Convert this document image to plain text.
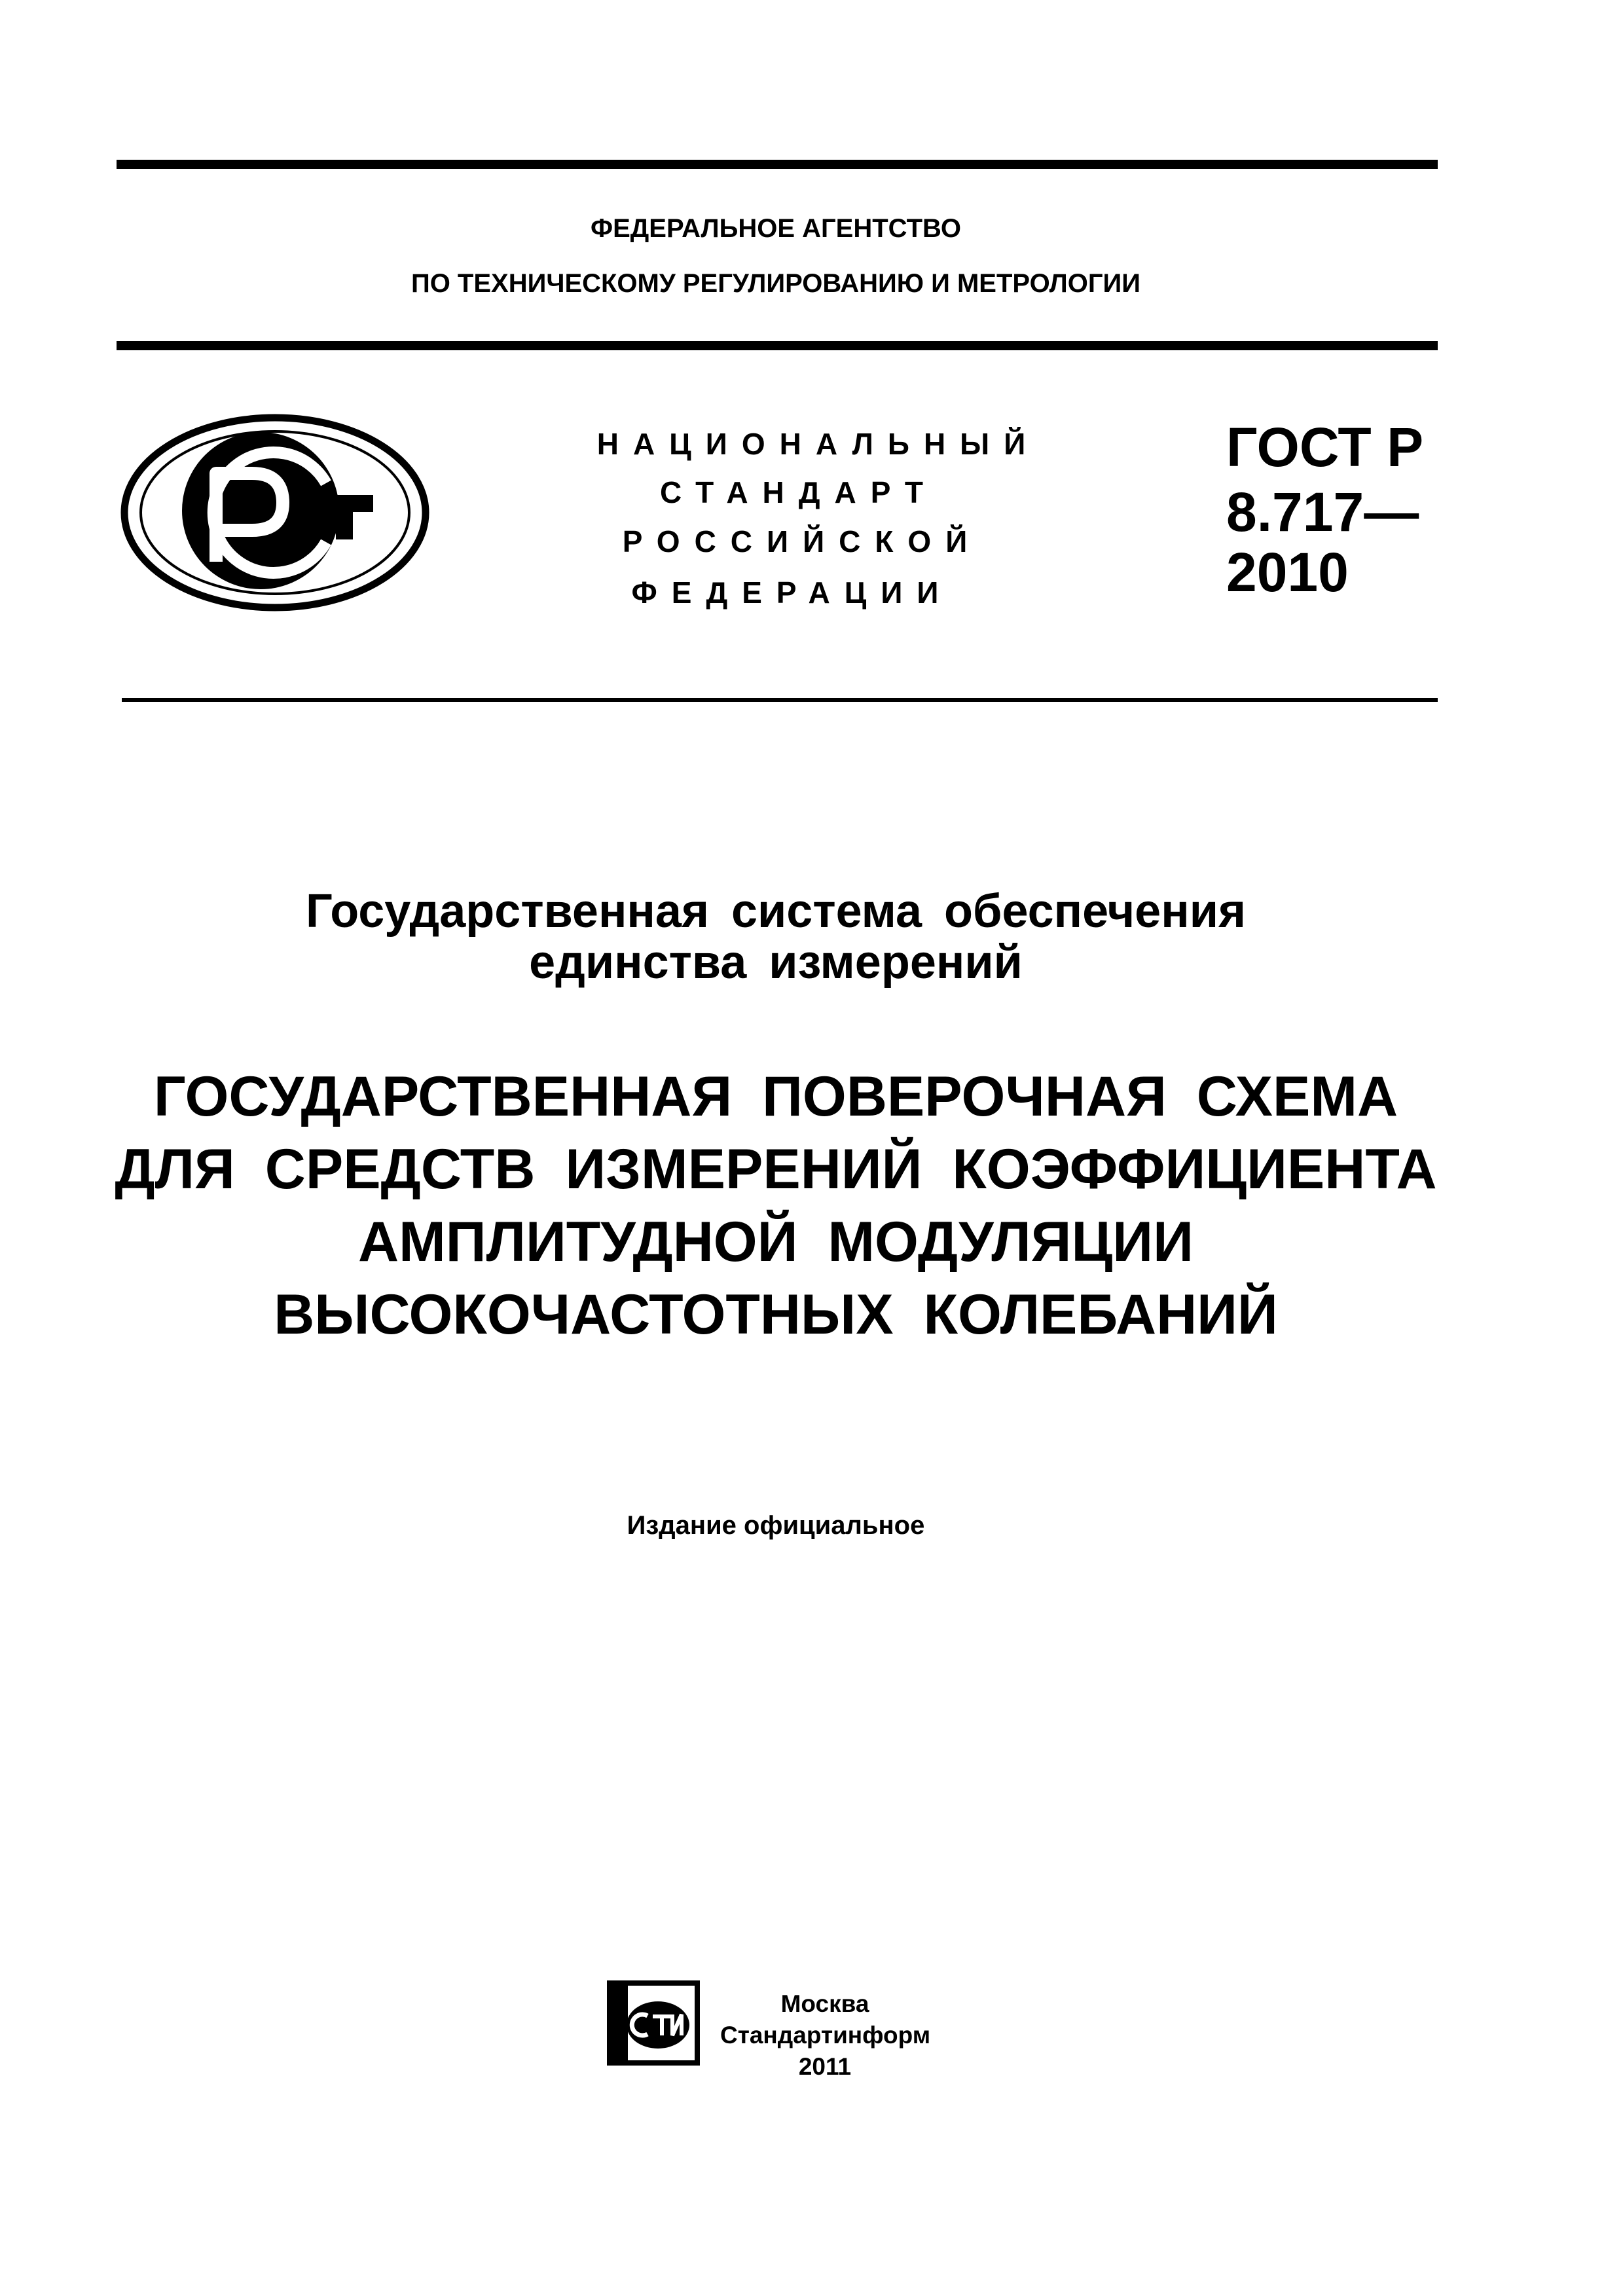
ФЕДЕРАЛЬНОЕ АГЕНТСТВО
ПО ТЕХНИЧЕСКОМУ РЕГУЛИРОВАНИЮ И МЕТРОЛОГИИ
НАЦИОНАЛЬНЫЙ
СТАНДАРТ
РОССИЙСКОЙ
ФЕДЕРАЦИИ
ГОСТ Р
8.717—
2010
Государственная система обеспечения
единства измерений
ГОСУДАРСТВЕННАЯ ПОВЕРОЧНАЯ СХЕМА
ДЛЯ СРЕДСТВ ИЗМЕРЕНИЙ КОЭФФИЦИЕНТА
АМПЛИТУДНОЙ МОДУЛЯЦИИ
ВЫСОКОЧАСТОТНЫХ КОЛЕБАНИЙ
Издание официальное
Москва
Стандартинформ
2011
